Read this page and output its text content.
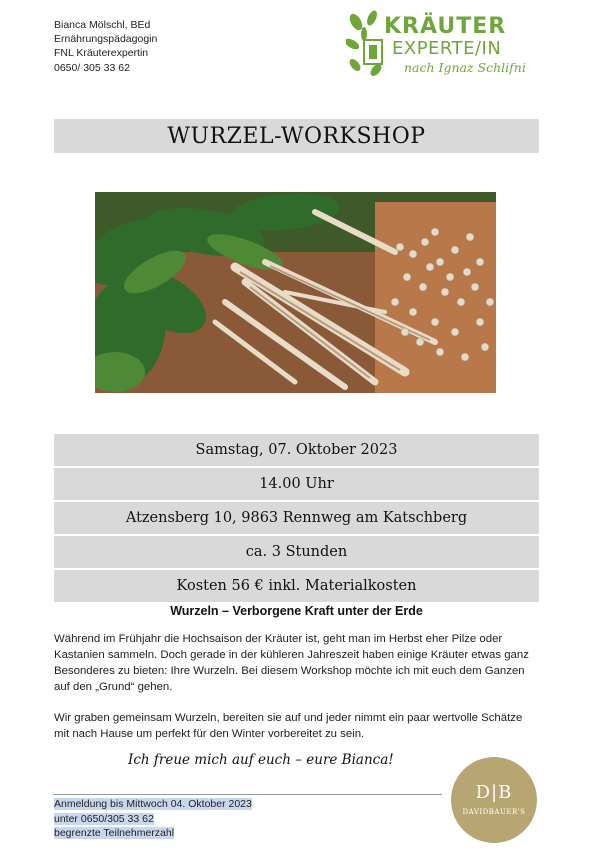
Bianca Mölschl, BEd
Ernährungspädagogin
FNL Kräuterexpertin
0650/ 305 33 62
KRÄUTER
EXPERTE/IN
nach Ignaz Schlifni
WURZEL-WORKSHOP
Samstag, 07. Oktober 2023
14.00 Uhr
Atzensberg 10, 9863 Rennweg am Katschberg
ca. 3 Stunden
Kosten 56 € inkl. Materialkosten
Wurzeln – Verborgene Kraft unter der Erde
Während im Frühjahr die Hochsaison der Kräuter ist, geht man im Herbst eher Pilze oder Kastanien sammeln. Doch gerade in der kühleren Jahreszeit haben einige Kräuter etwas ganz Besonderes zu bieten: Ihre Wurzeln. Bei diesem Workshop möchte ich mit euch dem Ganzen auf den „Grund“ gehen.
Wir graben gemeinsam Wurzeln, bereiten sie auf und jeder nimmt ein paar wertvolle Schätze mit nach Hause um perfekt für den Winter vorbereitet zu sein.
Ich freue mich auf euch – eure Bianca!
Anmeldung bis Mittwoch 04. Oktober 2023
unter 0650/305 33 62
begrenzte Teilnehmerzahl
D|B
DAVIDBAUER'S
